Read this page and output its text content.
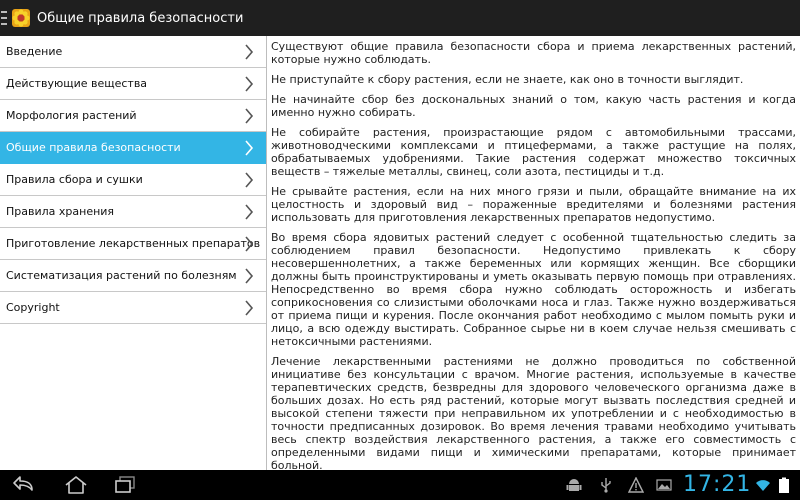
Общие правила безопасности
Введение
Действующие вещества
Морфология растений
Общие правила безопасности
Правила сбора и сушки
Правила хранения
Приготовление лекарственных препаратов
Систематизация растений по болезням
Copyright

Существуют общие правила безопасности сбора и приема лекарственных растений, которые нужно соблюдать.

Не приступайте к сбору растения, если не знаете, как оно в точности выглядит.

Не начинайте сбор без доскональных знаний о том, какую часть растения и когда именно нужно собирать.

Не собирайте растения, произрастающие рядом с автомобильными трассами, животноводческими комплексами и птицефермами, а также растущие на полях, обрабатываемых удобрениями. Такие растения содержат множество токсичных веществ – тяжелые металлы, свинец, соли азота, пестициды и т.д.

Не срывайте растения, если на них много грязи и пыли, обращайте внимание на их целостность и здоровый вид – пораженные вредителями и болезнями растения использовать для приготовления лекарственных препаратов недопустимо.

Во время сбора ядовитых растений следует с особенной тщательностью следить за соблюдением правил безопасности. Недопустимо привлекать к сбору несовершеннолетних, а также беременных или кормящих женщин. Все сборщики должны быть проинструктированы и уметь оказывать первую помощь при отравлениях. Непосредственно во время сбора нужно соблюдать осторожность и избегать соприкосновения со слизистыми оболочками носа и глаз. Также нужно воздерживаться от приема пищи и курения. После окончания работ необходимо с мылом помыть руки и лицо, а всю одежду выстирать. Собранное сырье ни в коем случае нельзя смешивать с нетоксичными растениями.

Лечение лекарственными растениями не должно проводиться по собственной инициативе без консультации с врачом. Многие растения, используемые в качестве терапевтических средств, безвредны для здорового человеческого организма даже в больших дозах. Но есть ряд растений, которые могут вызвать последствия средней и высокой степени тяжести при неправильном их употреблении и с необходимостью в точности предписанных дозировок. Во время лечения травами необходимо учитывать весь спектр воздействия лекарственного растения, а также его совместимость с определенными видами пищи и химическими препаратами, которые принимает больной.

17:21
